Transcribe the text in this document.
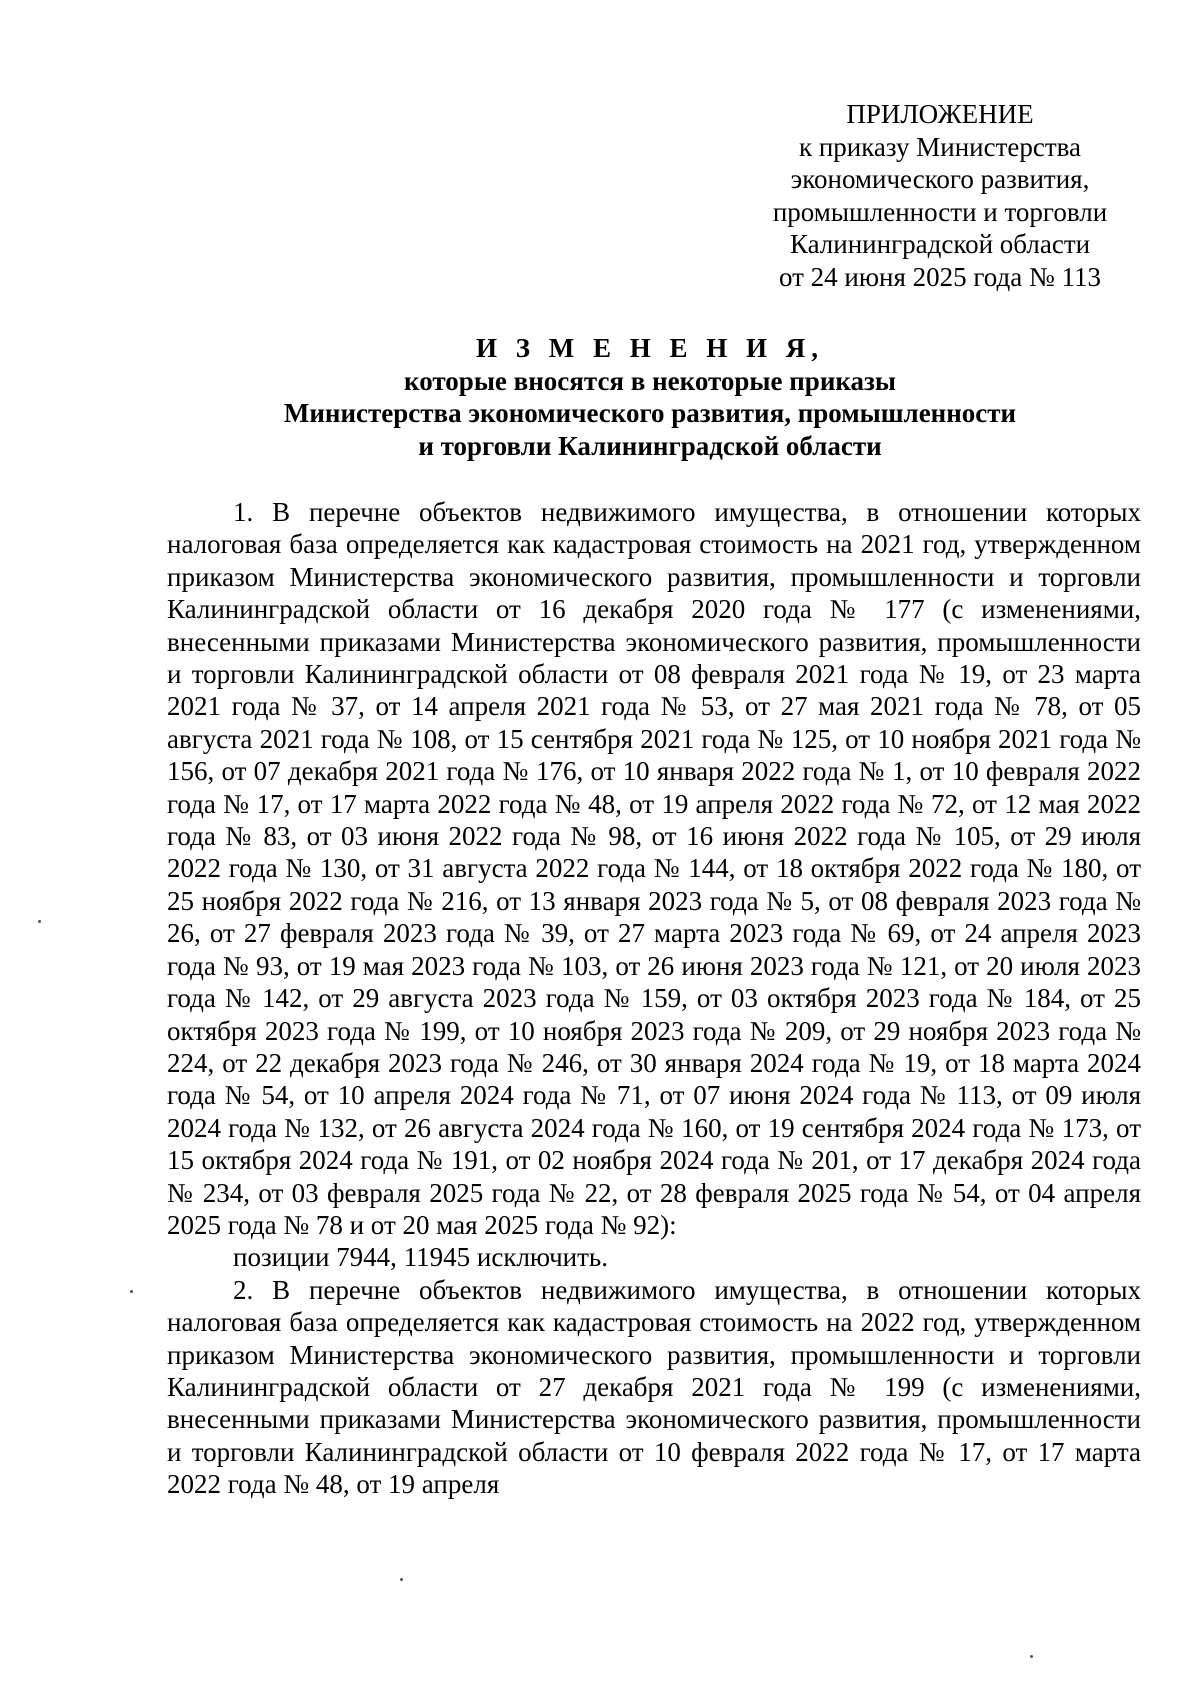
ПРИЛОЖЕНИЕ
к приказу Министерства
экономического развития,
промышленности и торговли
Калининградской области
от 24 июня 2025 года № 113
И З М Е Н Е Н И Я,
которые вносятся в некоторые приказы
Министерства экономического развития, промышленности
и торговли Калининградской области

1. В перечне объектов недвижимого имущества, в отношении которых налоговая база определяется как кадастровая стоимость на 2021 год, утвержденном приказом Министерства экономического развития, промышленности и торговли Калининградской области от 16 декабря 2020 года № 177 (с изменениями, внесенными приказами Министерства экономического развития, промышленности и торговли Калининградской области от 08 февраля 2021 года № 19, от 23 марта 2021 года № 37, от 14 апреля 2021 года № 53, от 27 мая 2021 года № 78, от 05 августа 2021 года № 108, от 15 сентября 2021 года № 125, от 10 ноября 2021 года № 156, от 07 декабря 2021 года № 176, от 10 января 2022 года № 1, от 10 февраля 2022 года № 17, от 17 марта 2022 года № 48, от 19 апреля 2022 года № 72, от 12 мая 2022 года № 83, от 03 июня 2022 года № 98, от 16 июня 2022 года № 105, от 29 июля 2022 года № 130, от 31 августа 2022 года № 144, от 18 октября 2022 года № 180, от 25 ноября 2022 года № 216, от 13 января 2023 года № 5, от 08 февраля 2023 года № 26, от 27 февраля 2023 года № 39, от 27 марта 2023 года № 69, от 24 апреля 2023 года № 93, от 19 мая 2023 года № 103, от 26 июня 2023 года № 121, от 20 июля 2023 года № 142, от 29 августа 2023 года № 159, от 03 октября 2023 года № 184, от 25 октября 2023 года № 199, от 10 ноября 2023 года № 209, от 29 ноября 2023 года № 224, от 22 декабря 2023 года № 246, от 30 января 2024 года № 19, от 18 марта 2024 года № 54, от 10 апреля 2024 года № 71, от 07 июня 2024 года № 113, от 09 июля 2024 года № 132, от 26 августа 2024 года № 160, от 19 сентября 2024 года № 173, от 15 октября 2024 года № 191, от 02 ноября 2024 года № 201, от 17 декабря 2024 года № 234, от 03 февраля 2025 года № 22, от 28 февраля 2025 года № 54, от 04 апреля 2025 года № 78 и от 20 мая 2025 года № 92):

позиции 7944, 11945 исключить.

2. В перечне объектов недвижимого имущества, в отношении которых налоговая база определяется как кадастровая стоимость на 2022 год, утвержденном приказом Министерства экономического развития, промышленности и торговли Калининградской области от 27 декабря 2021 года № 199 (с изменениями, внесенными приказами Министерства экономического развития, промышленности и торговли Калининградской области от 10 февраля 2022 года № 17, от 17 марта 2022 года № 48, от 19 апреля
